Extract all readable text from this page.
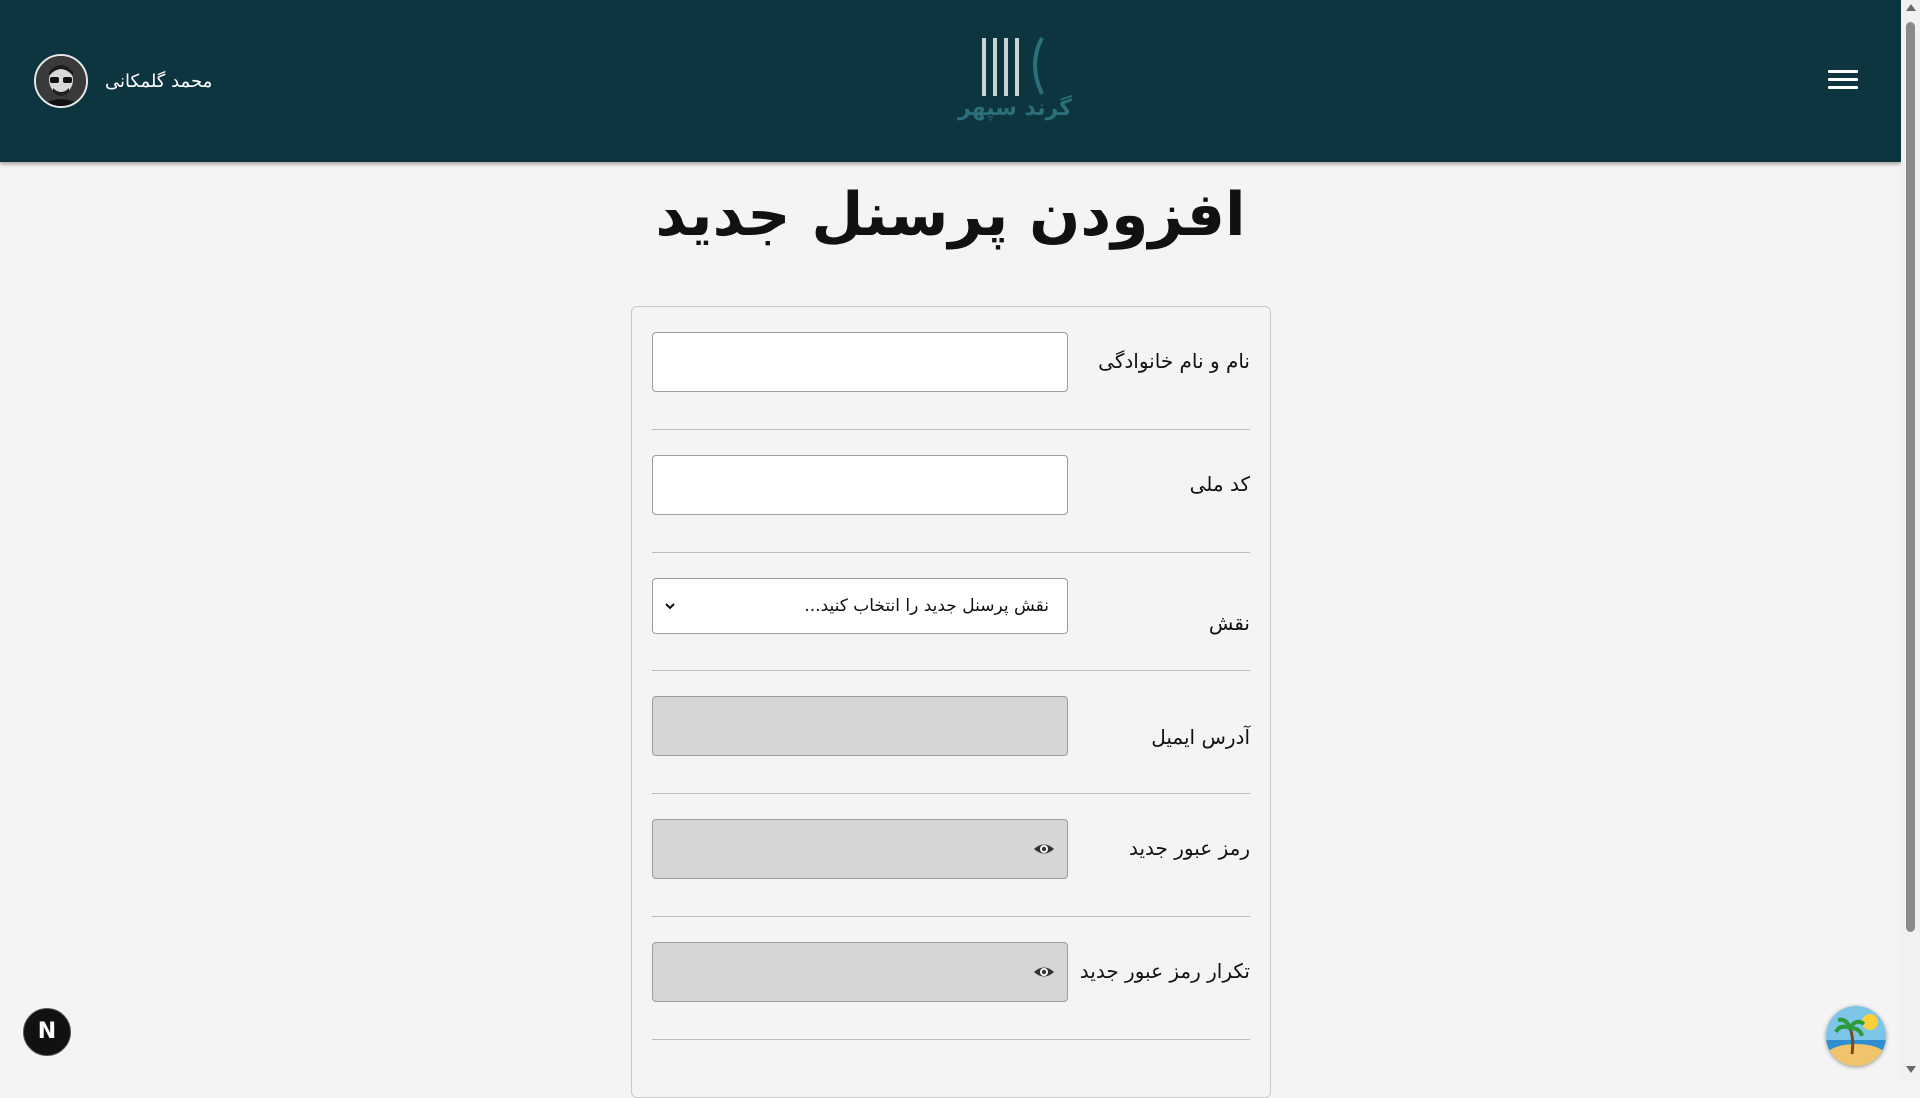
محمد گلمکانی
گرند سپهر
افزودن پرسنل جدید
نام و نام خانوادگی
کد ملی
نقش پرسنل جدید را انتخاب کنید...
نقش
آدرس ایمیل
رمز عبور جدید
تکرار رمز عبور جدید
N
